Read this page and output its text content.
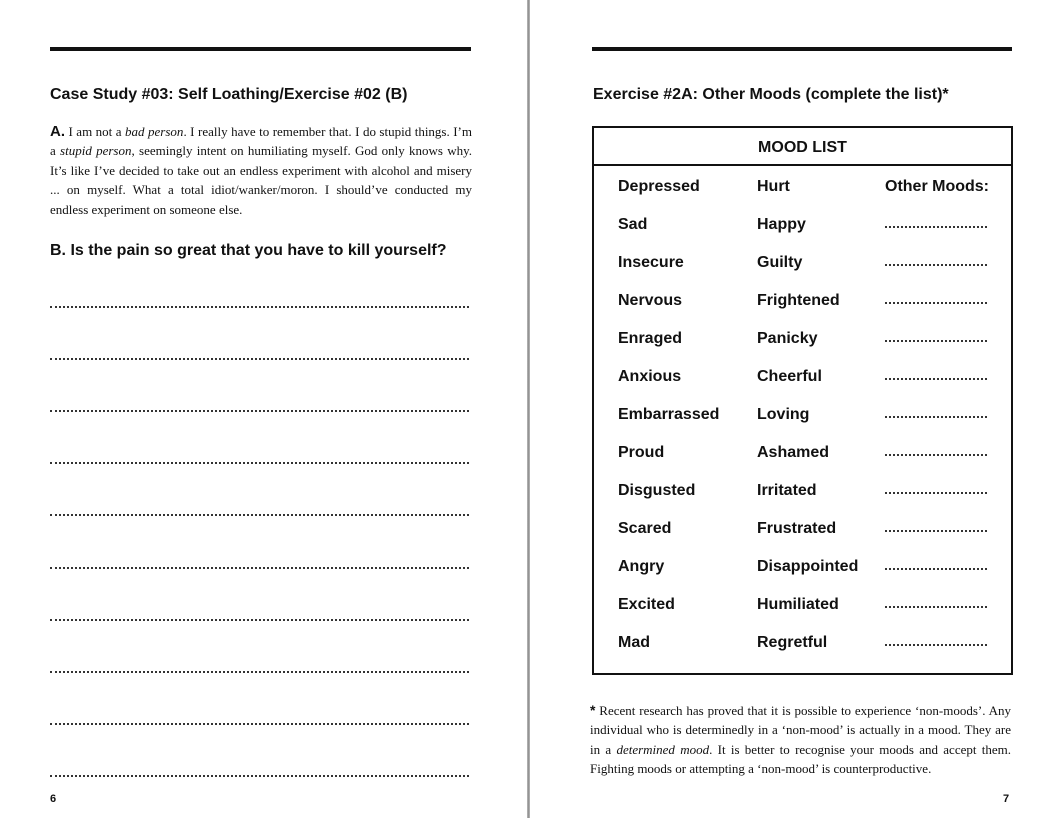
Case Study #03: Self Loathing/Exercise #02 (B)

A. I am not a bad person. I really have to remember that. I do stupid things. I’m a stupid person, seemingly intent on humiliating myself. God only knows why. It’s like I’ve decided to take out an endless experiment with alcohol and misery ... on myself. What a total idiot/wanker/moron. I should’ve conducted my endless experiment on someone else.

B. Is the pain so great that you have to kill yourself?

6
Exercise #2A: Other Moods (complete the list)*
MOOD LIST
Depressed	Hurt	Other Moods:
Sad	Happy
Insecure	Guilty
Nervous	Frightened
Enraged	Panicky
Anxious	Cheerful
Embarrassed Loving
Proud	Ashamed
Disgusted	Irritated
Scared	Frustrated
Angry	Disappointed
Excited	Humiliated
Mad	Regretful

* Recent research has proved that it is possible to experience ‘non-moods’. Any individual who is determinedly in a ‘non-mood’ is actually in a mood. They are in a determined mood. It is better to recognise your moods and accept them. Fighting moods or attempting a ‘non-mood’ is counterproductive.

7
